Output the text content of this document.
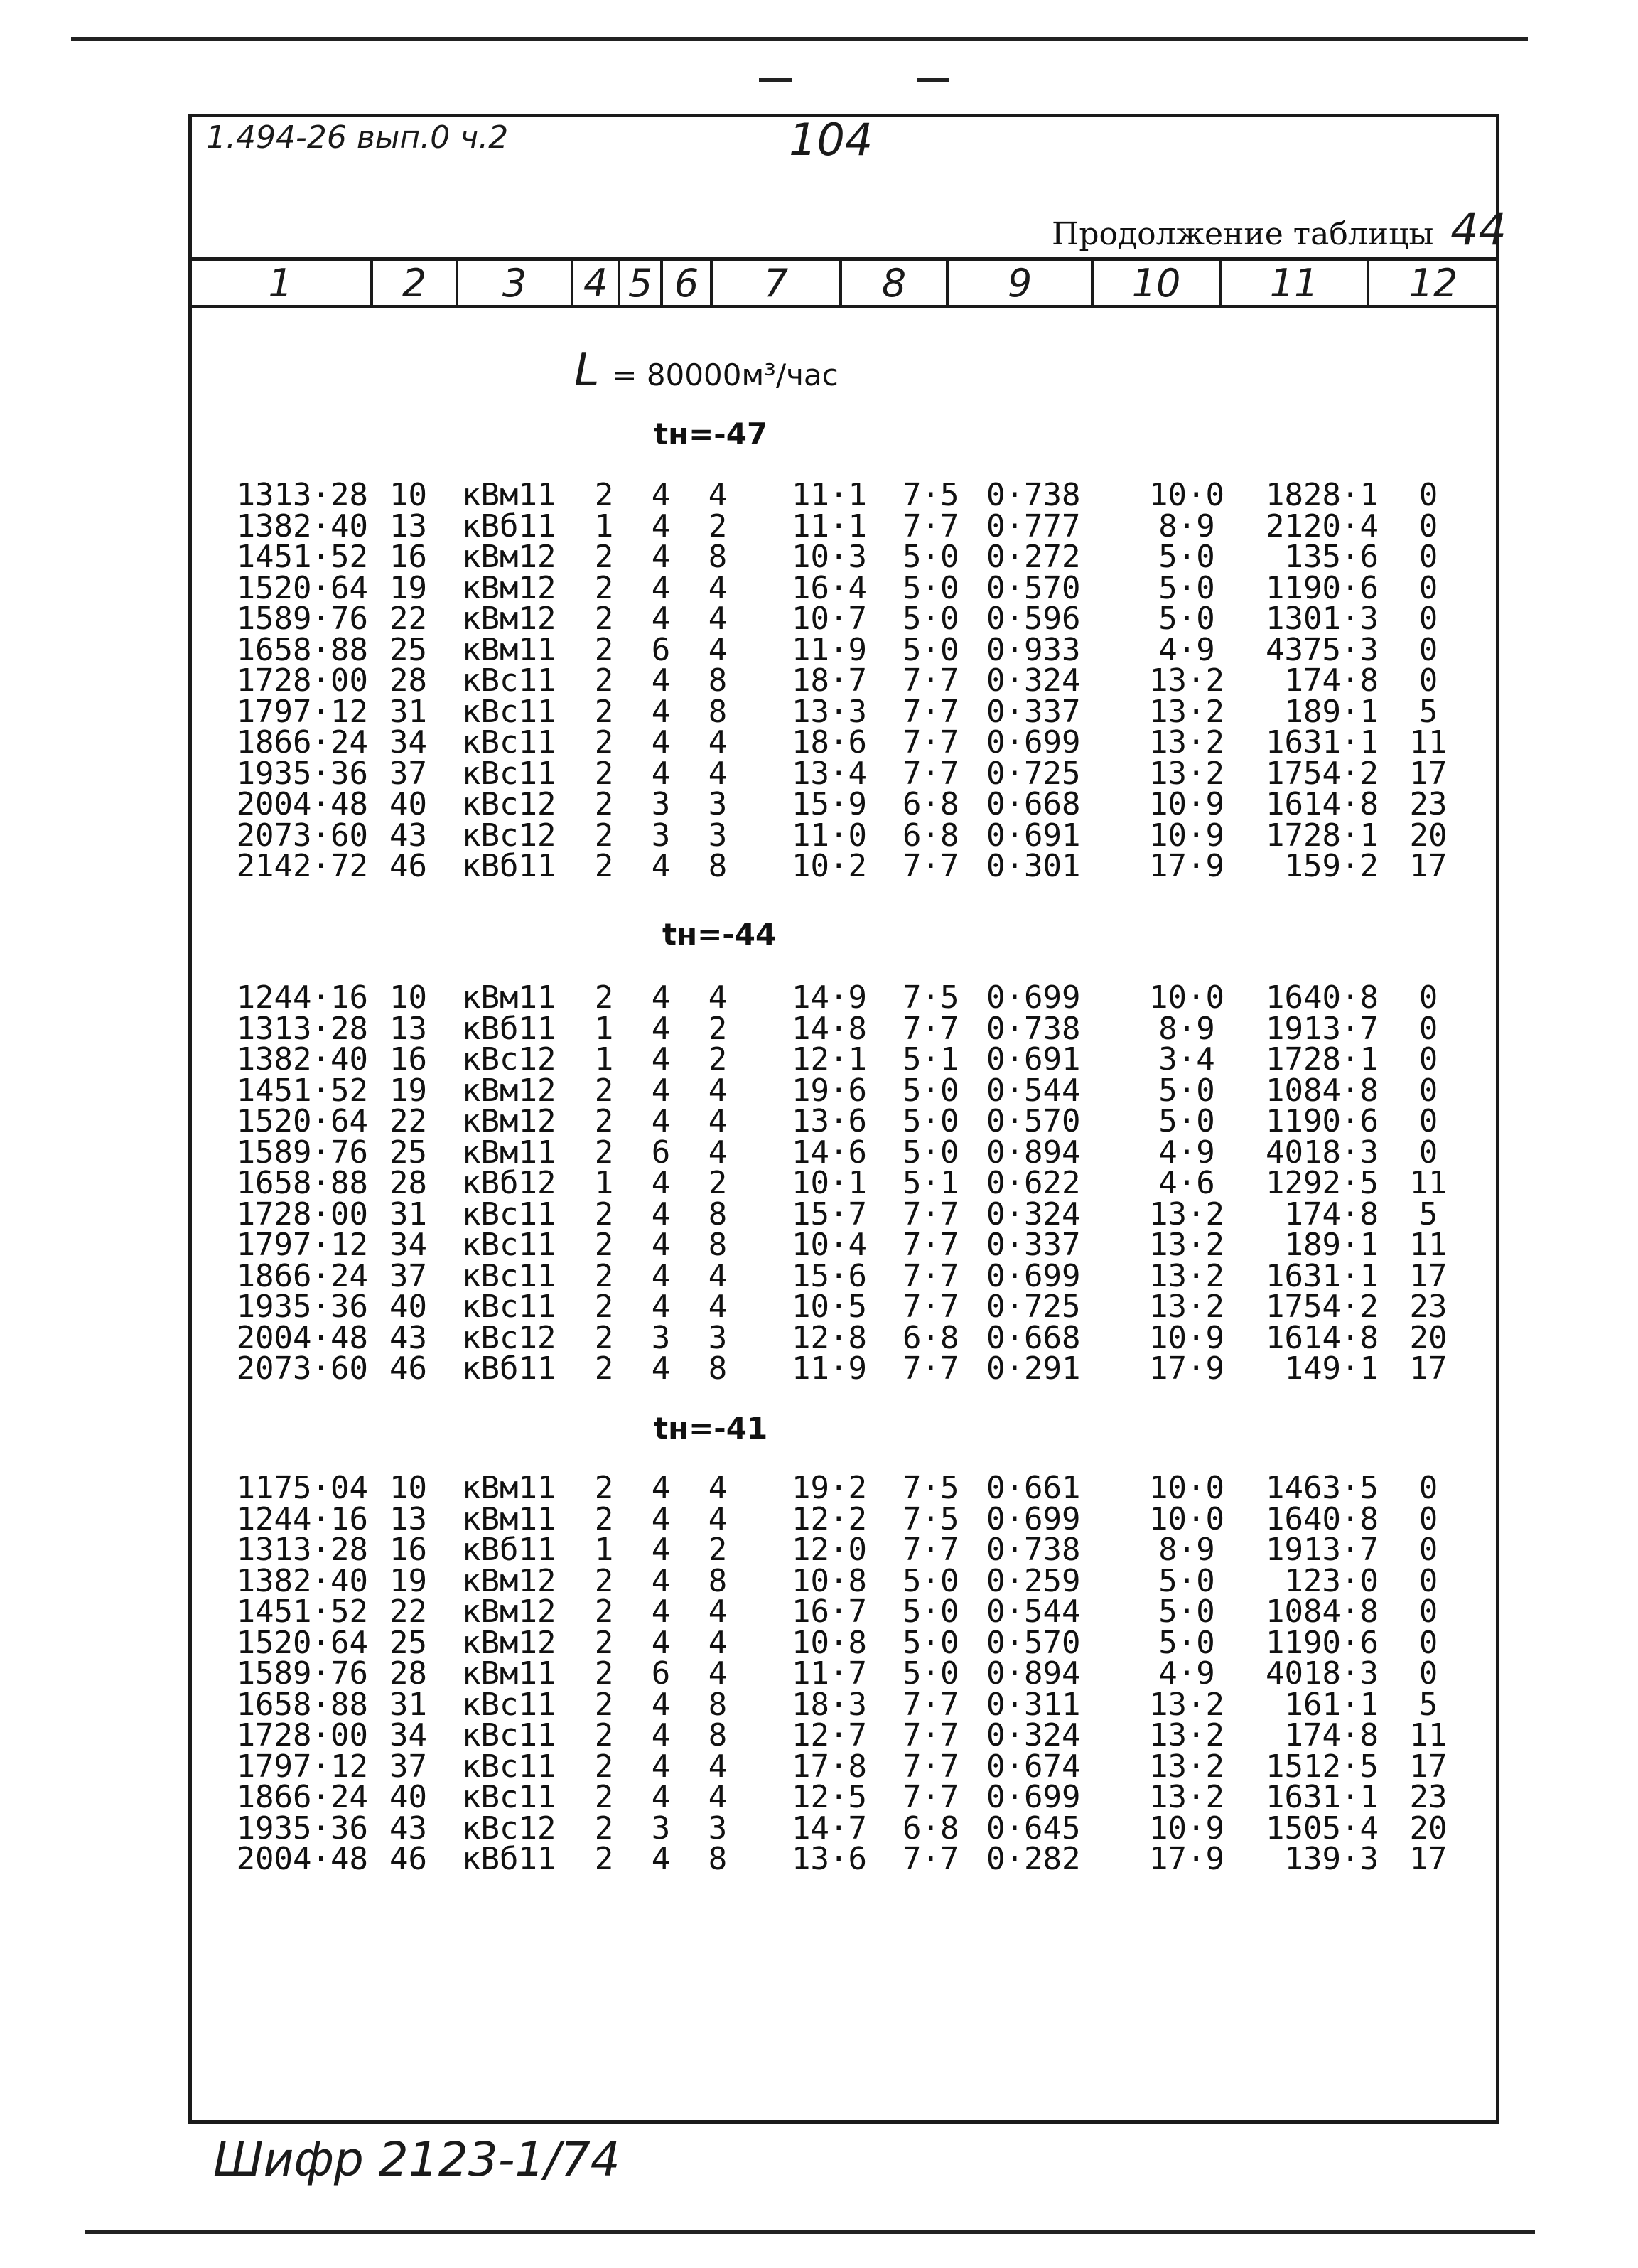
1.494-26 вып.0 ч.2	104
Продолжение таблицы 44
1	2	3	4 5 6	7	8	9	10	11	12
L = 80000м³/час
tн=-47
tн=-44
tн=-41
1313·28 10	кВм11	2 4 4	11·1 7·5 0·738	10·0	1828·1	0
1382·40 13	кВб11	1 4 2	11·1 7·7 0·777	8·9	2120·4	0
1451·52 16	кВм12	2 4 8	10·3 5·0 0·272	5·0	135·6	0
1520·64 19	кВм12	2 4 4	16·4 5·0 0·570	5·0	1190·6	0
1589·76 22	кВм12	2 4 4	10·7 5·0 0·596	5·0	1301·3	0
1658·88 25	кВм11	2 6 4	11·9 5·0 0·933	4·9	4375·3	0
1728·00 28	кВс11	2 4 8	18·7 7·7 0·324	13·2	174·8	0
1797·12 31	кВс11	2 4 8	13·3 7·7 0·337	13·2	189·1	5
1866·24 34	кВс11	2 4 4	18·6 7·7 0·699	13·2	1631·1 11
1935·36 37	кВс11	2 4 4	13·4 7·7 0·725	13·2	1754·2 17
2004·48 40	кВс12	2 3 3	15·9 6·8 0·668	10·9	1614·8 23
2073·60 43	кВс12	2 3 3	11·0 6·8 0·691	10·9	1728·1 20
2142·72 46	кВб11	2 4 8	10·2 7·7 0·301	17·9	159·2 17
1244·16 10	кВм11	2 4 4	14·9 7·5 0·699	10·0	1640·8	0
1313·28 13	кВб11	1 4 2	14·8 7·7 0·738	8·9	1913·7	0
1382·40 16	кВс12	1 4 2	12·1 5·1 0·691	3·4	1728·1	0
1451·52 19	кВм12	2 4 4	19·6 5·0 0·544	5·0	1084·8	0
1520·64 22	кВм12	2 4 4	13·6 5·0 0·570	5·0	1190·6	0
1589·76 25	кВм11	2 6 4	14·6 5·0 0·894	4·9	4018·3	0
1658·88 28	кВб12	1 4 2	10·1 5·1 0·622	4·6	1292·5 11
1728·00 31	кВс11	2 4 8	15·7 7·7 0·324	13·2	174·8	5
1797·12 34	кВс11	2 4 8	10·4 7·7 0·337	13·2	189·1 11
1866·24 37	кВс11	2 4 4	15·6 7·7 0·699	13·2	1631·1 17
1935·36 40	кВс11	2 4 4	10·5 7·7 0·725	13·2	1754·2 23
2004·48 43	кВс12	2 3 3	12·8 6·8 0·668	10·9	1614·8 20
2073·60 46	кВб11	2 4 8	11·9 7·7 0·291	17·9	149·1 17
1175·04 10	кВм11	2 4 4	19·2 7·5 0·661	10·0	1463·5	0
1244·16 13	кВм11	2 4 4	12·2 7·5 0·699	10·0	1640·8	0
1313·28 16	кВб11	1 4 2	12·0 7·7 0·738	8·9	1913·7	0
1382·40 19	кВм12	2 4 8	10·8 5·0 0·259	5·0	123·0	0
1451·52 22	кВм12	2 4 4	16·7 5·0 0·544	5·0	1084·8	0
1520·64 25	кВм12	2 4 4	10·8 5·0 0·570	5·0	1190·6	0
1589·76 28	кВм11	2 6 4	11·7 5·0 0·894	4·9	4018·3	0
1658·88 31	кВс11	2 4 8	18·3 7·7 0·311	13·2	161·1	5
1728·00 34	кВс11	2 4 8	12·7 7·7 0·324	13·2	174·8 11
1797·12 37	кВс11	2 4 4	17·8 7·7 0·674	13·2	1512·5 17
1866·24 40	кВс11	2 4 4	12·5 7·7 0·699	13·2	1631·1 23
1935·36 43	кВс12	2 3 3	14·7 6·8 0·645	10·9	1505·4 20
2004·48 46	кВб11	2 4 8	13·6 7·7 0·282	17·9	139·3 17
Шифр 2123-1/74
